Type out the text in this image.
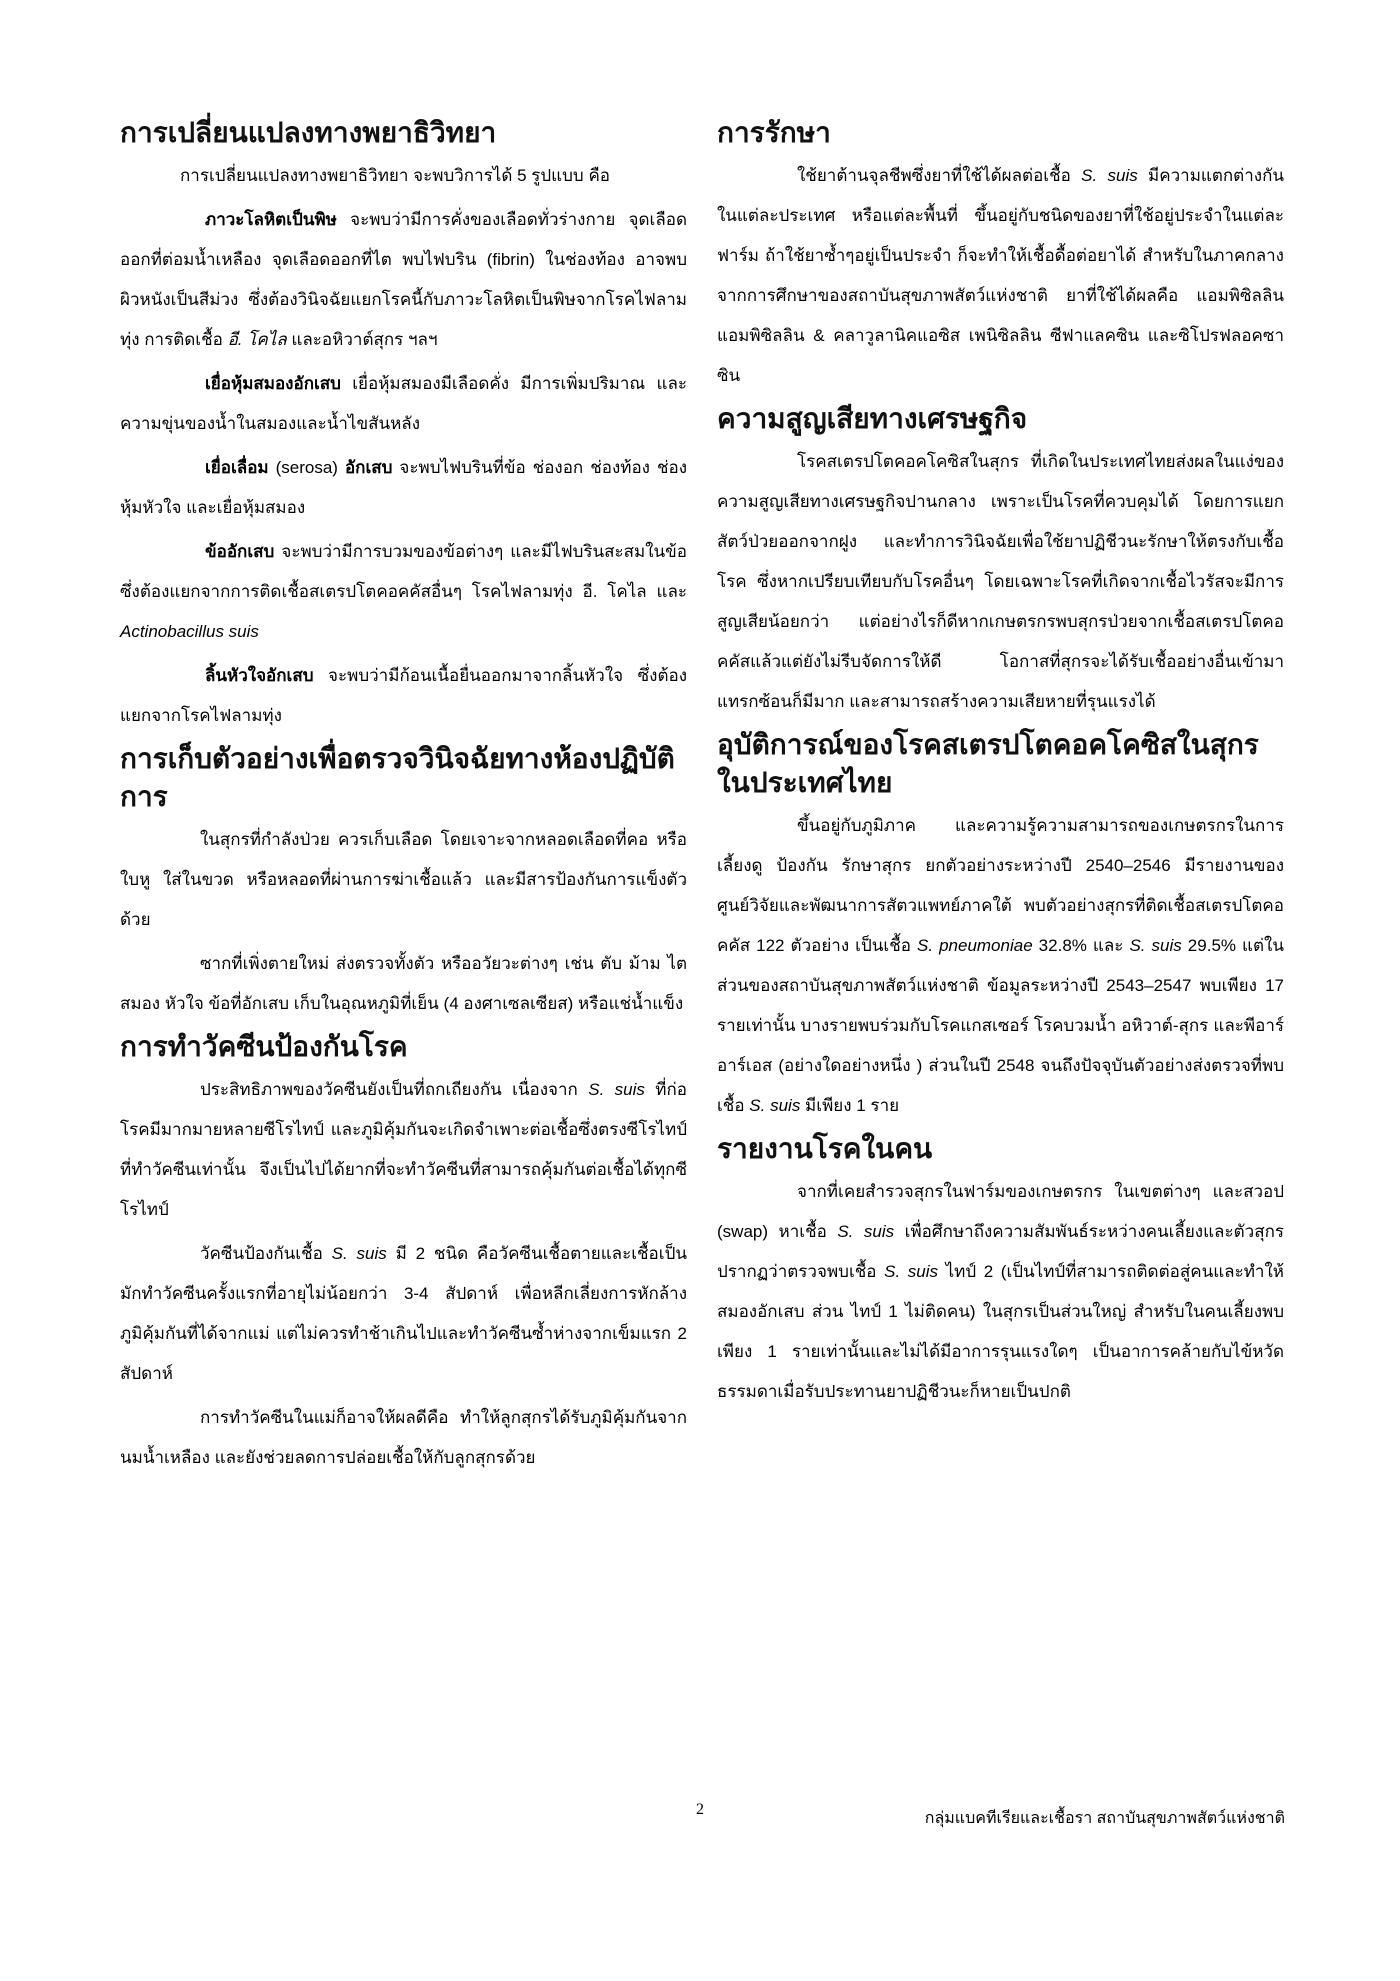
การเปลี่ยนแปลงทางพยาธิวิทยา

การเปลี่ยนแปลงทางพยาธิวิทยา จะพบวิการได้ 5 รูปแบบ คือ

ภาวะโลหิตเป็นพิษ จะพบว่ามีการคั่งของเลือดทั่วร่างกาย จุดเลือดออกที่ต่อมน้ำเหลือง จุดเลือดออกที่ไต พบไฟบริน (fibrin) ในช่องท้อง อาจพบผิวหนังเป็นสีม่วง ซึ่งต้องวินิจฉัยแยกโรคนี้กับภาวะโลหิตเป็นพิษจากโรคไฟลามทุ่ง การติดเชื้อ อี. โคไล และอหิวาต์สุกร ฯลฯ

เยื่อหุ้มสมองอักเสบ เยื่อหุ้มสมองมีเลือดคั่ง มีการเพิ่มปริมาณ และความขุ่นของน้ำในสมองและน้ำไขสันหลัง

เยื่อเลื่อม (serosa) อักเสบ จะพบไฟบรินที่ข้อ ช่องอก ช่องท้อง ช่องหุ้มหัวใจ และเยื่อหุ้มสมอง

ข้ออักเสบ จะพบว่ามีการบวมของข้อต่างๆ และมีไฟบรินสะสมในข้อ ซึ่งต้องแยกจากการติดเชื้อสเตรปโตคอคคัสอื่นๆ โรคไฟลามทุ่ง อี. โคไล และ Actinobacillus suis

ลิ้นหัวใจอักเสบ จะพบว่ามีก้อนเนื้อยื่นออกมาจากลิ้นหัวใจ ซึ่งต้องแยกจากโรคไฟลามทุ่ง

การเก็บตัวอย่างเพื่อตรวจวินิจฉัยทางห้องปฏิบัติการ

ในสุกรที่กำลังป่วย ควรเก็บเลือด โดยเจาะจากหลอดเลือดที่คอ หรือใบหู ใส่ในขวด หรือหลอดที่ผ่านการฆ่าเชื้อแล้ว และมีสารป้องกันการแข็งตัวด้วย

ซากที่เพิ่งตายใหม่ ส่งตรวจทั้งตัว หรืออวัยวะต่างๆ เช่น ตับ ม้าม ไต สมอง หัวใจ ข้อที่อักเสบ เก็บในอุณหภูมิที่เย็น (4 องศาเซลเซียส) หรือแช่น้ำแข็ง

การทำวัคซีนป้องกันโรค

ประสิทธิภาพของวัคซีนยังเป็นที่ถกเถียงกัน เนื่องจาก S. suis ที่ก่อโรคมีมากมายหลายซีโรไทป์ และภูมิคุ้มกันจะเกิดจำเพาะต่อเชื้อซึ่งตรงซีโรไทป์ที่ทำวัคซีนเท่านั้น จึงเป็นไปได้ยากที่จะทำวัคซีนที่สามารถคุ้มกันต่อเชื้อได้ทุกซีโรไทป์

วัคซีนป้องกันเชื้อ S. suis มี 2 ชนิด คือวัคซีนเชื้อตายและเชื้อเป็น มักทำวัคซีนครั้งแรกที่อายุไม่น้อยกว่า 3-4 สัปดาห์ เพื่อหลีกเลี่ยงการหักล้างภูมิคุ้มกันที่ได้จากแม่ แต่ไม่ควรทำช้าเกินไปและทำวัคซีนซ้ำห่างจากเข็มแรก 2 สัปดาห์

การทำวัคซีนในแม่ก็อาจให้ผลดีคือ ทำให้ลูกสุกรได้รับภูมิคุ้มกันจากนมน้ำเหลือง และยังช่วยลดการปล่อยเชื้อให้กับลูกสุกรด้วย

การรักษา

ใช้ยาต้านจุลชีพซึ่งยาที่ใช้ได้ผลต่อเชื้อ S. suis มีความแตกต่างกันในแต่ละประเทศ หรือแต่ละพื้นที่ ขึ้นอยู่กับชนิดของยาที่ใช้อยู่ประจำในแต่ละฟาร์ม ถ้าใช้ยาซ้ำๆอยู่เป็นประจำ ก็จะทำให้เชื้อดื้อต่อยาได้ สำหรับในภาคกลางจากการศึกษาของสถาบันสุขภาพสัตว์แห่งชาติ ยาที่ใช้ได้ผลคือ แอมพิซิลลิน แอมพิซิลลิน & คลาวูลานิคแอซิส เพนิซิลลิน ซีฟาแลคซิน และซิโปรฟลอคซาซิน

ความสูญเสียทางเศรษฐกิจ

โรคสเตรปโตคอคโคซิสในสุกร ที่เกิดในประเทศไทยส่งผลในแง่ของความสูญเสียทางเศรษฐกิจปานกลาง เพราะเป็นโรคที่ควบคุมได้ โดยการแยกสัตว์ป่วยออกจากฝูง และทำการวินิจฉัยเพื่อใช้ยาปฏิชีวนะรักษาให้ตรงกับเชื้อโรค ซึ่งหากเปรียบเทียบกับโรคอื่นๆ โดยเฉพาะโรคที่เกิดจากเชื้อไวรัสจะมีการสูญเสียน้อยกว่า แต่อย่างไรก็ดีหากเกษตรกรพบสุกรป่วยจากเชื้อสเตรปโตคอคคัสแล้วแต่ยังไม่รีบจัดการให้ดี โอกาสที่สุกรจะได้รับเชื้ออย่างอื่นเข้ามาแทรกซ้อนก็มีมาก และสามารถสร้างความเสียหายที่รุนแรงได้

อุบัติการณ์ของโรคสเตรปโตคอคโคซิสในสุกรในประเทศไทย

ขึ้นอยู่กับภูมิภาค และความรู้ความสามารถของเกษตรกรในการเลี้ยงดู ป้องกัน รักษาสุกร ยกตัวอย่างระหว่างปี 2540–2546 มีรายงานของศูนย์วิจัยและพัฒนาการสัตวแพทย์ภาคใต้ พบตัวอย่างสุกรที่ติดเชื้อสเตรปโตคอคคัส 122 ตัวอย่าง เป็นเชื้อ S. pneumoniae 32.8% และ S. suis 29.5% แต่ในส่วนของสถาบันสุขภาพสัตว์แห่งชาติ ข้อมูลระหว่างปี 2543–2547 พบเพียง 17 รายเท่านั้น บางรายพบร่วมกับโรคแกสเซอร์ โรคบวมน้ำ อหิวาต์-สุกร และพีอาร์อาร์เอส (อย่างใดอย่างหนึ่ง ) ส่วนในปี 2548 จนถึงปัจจุบันตัวอย่างส่งตรวจที่พบเชื้อ S. suis มีเพียง 1 ราย

รายงานโรคในคน

จากที่เคยสำรวจสุกรในฟาร์มของเกษตรกร ในเขตต่างๆ และสวอป (swap) หาเชื้อ S. suis เพื่อศึกษาถึงความสัมพันธ์ระหว่างคนเลี้ยงและตัวสุกร ปรากฏว่าตรวจพบเชื้อ S. suis ไทป์ 2 (เป็นไทป์ที่สามารถติดต่อสู่คนและทำให้สมองอักเสบ ส่วน ไทป์ 1 ไม่ติดคน) ในสุกรเป็นส่วนใหญ่ สำหรับในคนเลี้ยงพบเพียง 1 รายเท่านั้นและไม่ได้มีอาการรุนแรงใดๆ เป็นอาการคล้ายกับไข้หวัดธรรมดาเมื่อรับประทานยาปฏิชีวนะก็หายเป็นปกติ

2
กลุ่มแบคทีเรียและเชื้อรา สถาบันสุขภาพสัตว์แห่งชาติ
